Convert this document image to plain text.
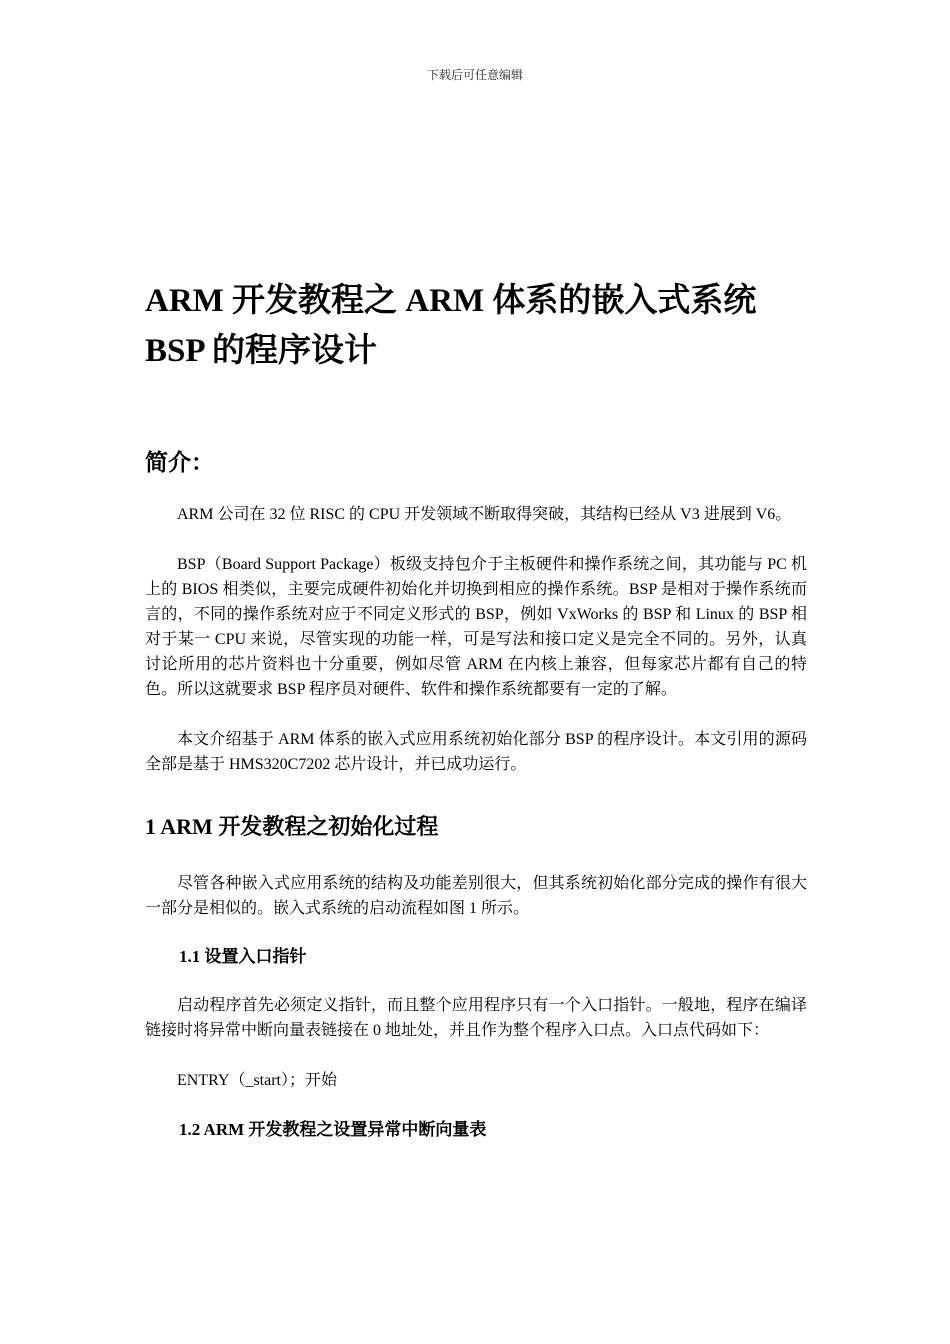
下载后可任意编辑
ARM 开发教程之 ARM 体系的嵌入式系统 BSP 的程序设计
简介：

ARM 公司在 32 位 RISC 的 CPU 开发领域不断取得突破，其结构已经从 V3 进展到 V6。

BSP（Board Support Package）板级支持包介于主板硬件和操作系统之间，其功能与 PC 机上的 BIOS 相类似，主要完成硬件初始化并切换到相应的操作系统。BSP 是相对于操作系统而言的，不同的操作系统对应于不同定义形式的 BSP，例如 VxWorks 的 BSP 和 Linux 的 BSP 相对于某一 CPU 来说，尽管实现的功能一样，可是写法和接口定义是完全不同的。另外，认真讨论所用的芯片资料也十分重要，例如尽管 ARM 在内核上兼容，但每家芯片都有自己的特色。所以这就要求 BSP 程序员对硬件、软件和操作系统都要有一定的了解。

本文介绍基于 ARM 体系的嵌入式应用系统初始化部分 BSP 的程序设计。本文引用的源码全部是基于 HMS320C7202 芯片设计，并已成功运行。

1 ARM 开发教程之初始化过程

尽管各种嵌入式应用系统的结构及功能差别很大，但其系统初始化部分完成的操作有很大一部分是相似的。嵌入式系统的启动流程如图 1 所示。

1.1 设置入口指针

启动程序首先必须定义指针，而且整个应用程序只有一个入口指针。一般地，程序在编译链接时将异常中断向量表链接在 0 地址处，并且作为整个程序入口点。入口点代码如下：

ENTRY（_start）；开始

1.2 ARM 开发教程之设置异常中断向量表
